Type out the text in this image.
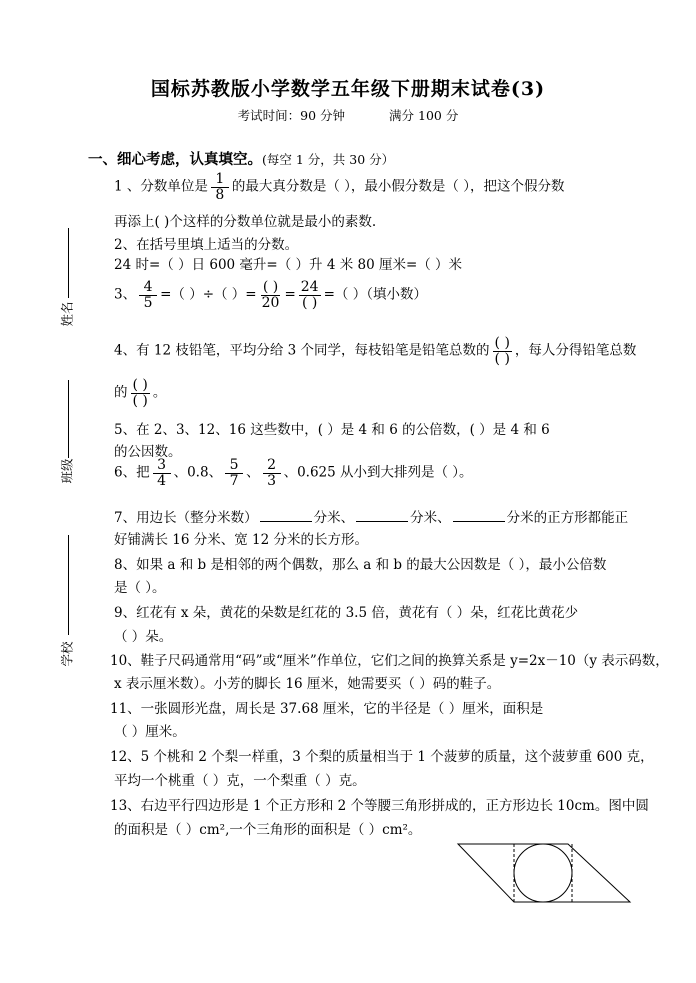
国标苏教版小学数学五年级下册期末试卷(3)
考试时间：90 分钟	满分 100 分
一、细心考虑，认真填空。(每空 1 分，共 30 分）
姓名
班级
学校
1 、分数单位是 $\frac{1}{8}$ 的最大真分数是（ ），最小假分数是（ ），把这个假分数
再添上( )个这样的分数单位就是最小的素数.
2、在括号里填上适当的分数。
24 时=（ ）日 600 毫升=（ ）升 4 米 80 厘米=（ ）米
3、 $\frac{4}{5}$ =（ ）÷（ ）= $\frac{( )}{20} = \frac{24}{( )}$ =（ ）（填小数）
4、有 12 枝铅笔，平均分给 3 个同学，每枝铅笔是铅笔总数的 $\frac{( )}{( )}$ ，每人分得铅笔总数
的 $\frac{( )}{( )}$ 。
5、在 2、3、12、16 这些数中，( ）是 4 和 6 的公倍数，( ）是 4 和 6
的公因数。
6、把 $\frac{3}{4}$ 、0.8、 $\frac{5}{7}$ 、 $\frac{2}{3}$ 、0.625 从小到大排列是（ ）。
7、用边长（整分米数）	分米、	分米、	分米的正方形都能正
好铺满长 16 分米、宽 12 分米的长方形。
8、如果 a 和 b 是相邻的两个偶数，那么 a 和 b 的最大公因数是（ ），最小公倍数
是（ ）。
9、红花有 x 朵，黄花的朵数是红花的 3.5 倍，黄花有（ ）朵，红花比黄花少
（ ）朵。
10、鞋子尺码通常用“码”或“厘米”作单位，它们之间的换算关系是 y=2x－10（y 表示码数，
x 表示厘米数）。小芳的脚长 16 厘米，她需要买（ ）码的鞋子。
11、一张圆形光盘，周长是 37.68 厘米，它的半径是（ ）厘米，面积是
（ ）厘米。
12、5 个桃和 2 个梨一样重，3 个梨的质量相当于 1 个菠萝的质量，这个菠萝重 600 克，
平均一个桃重（ ）克，一个梨重（ ）克。
13、右边平行四边形是 1 个正方形和 2 个等腰三角形拼成的，正方形边长 10cm。图中圆
的面积是（ ）cm²,一个三角形的面积是（ ）cm²。
